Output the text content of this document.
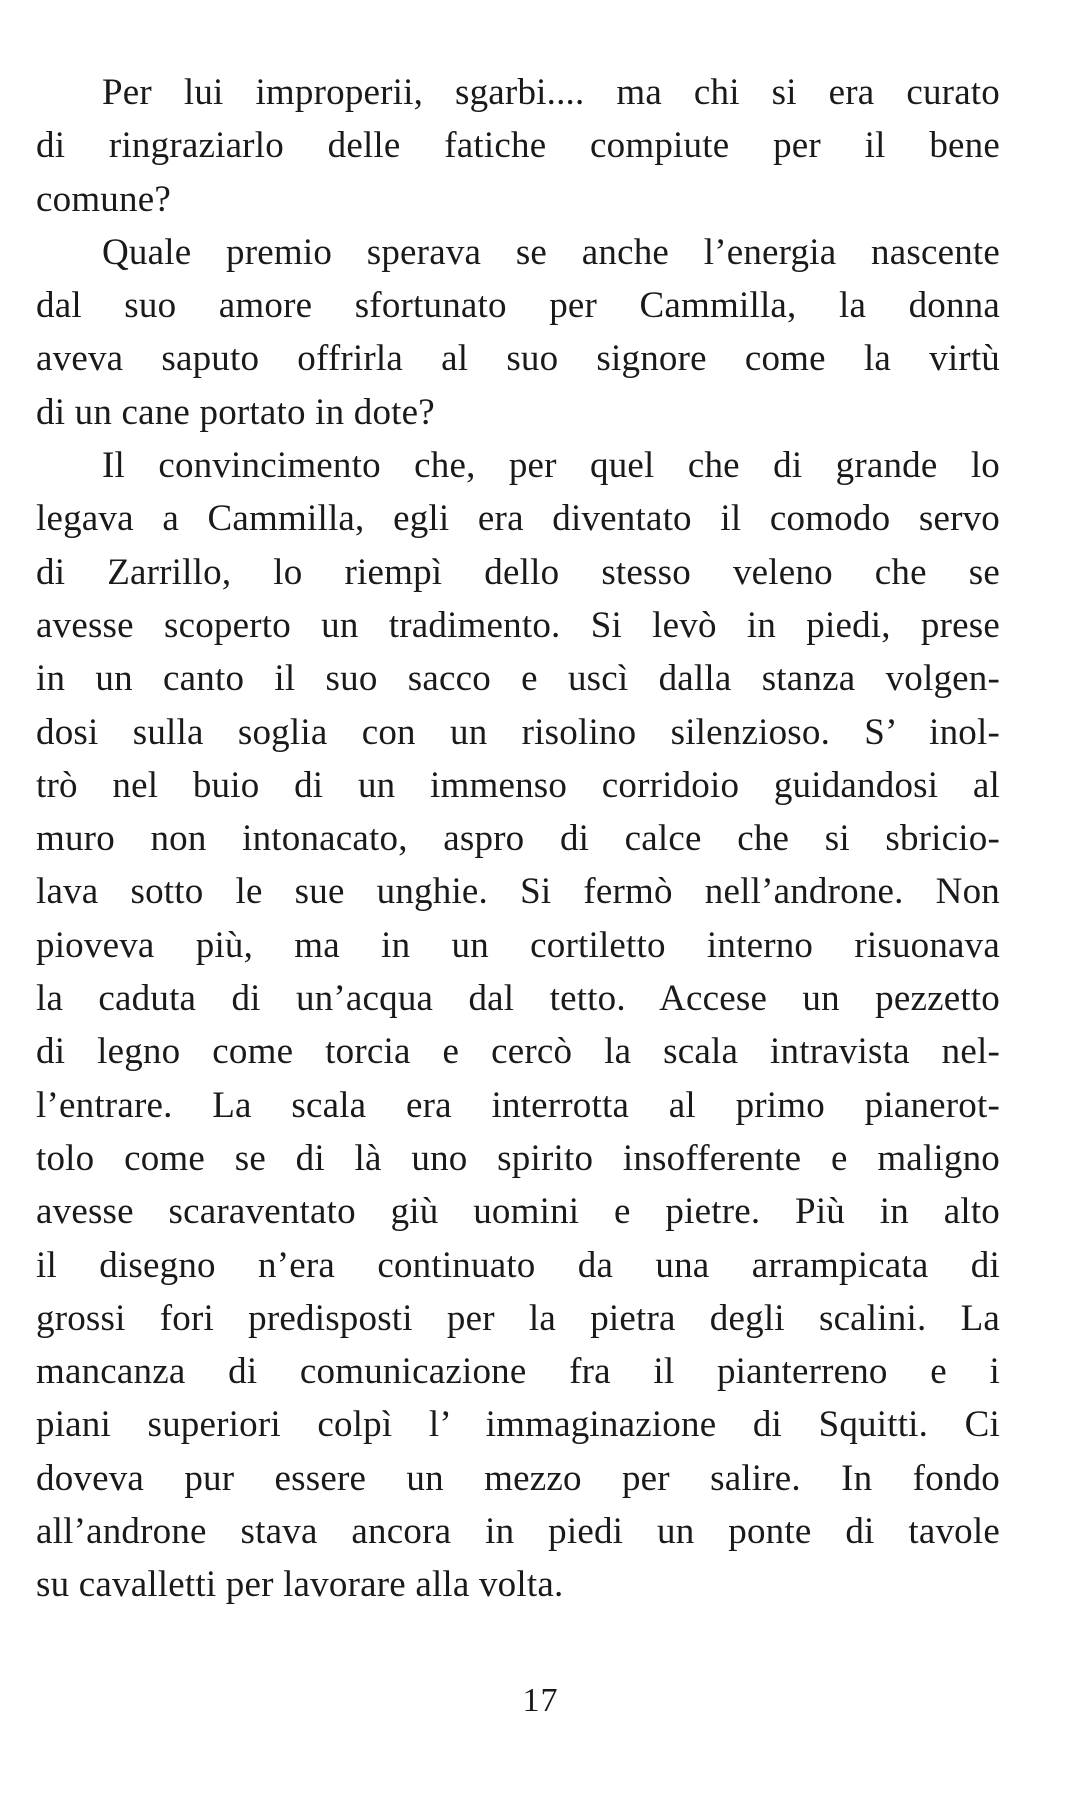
Per lui improperii, sgarbi.... ma chi si era curato
di ringraziarlo delle fatiche compiute per il bene
comune?
Quale premio sperava se anche l’energia nascente
dal suo amore sfortunato per Cammilla, la donna
aveva saputo offrirla al suo signore come la virtù
di un cane portato in dote?
Il convincimento che, per quel che di grande lo
legava a Cammilla, egli era diventato il comodo servo
di Zarrillo, lo riempì dello stesso veleno che se
avesse scoperto un tradimento. Si levò in piedi, prese
in un canto il suo sacco e uscì dalla stanza volgen-
dosi sulla soglia con un risolino silenzioso. S’ inol-
trò nel buio di un immenso corridoio guidandosi al
muro non intonacato, aspro di calce che si sbricio-
lava sotto le sue unghie. Si fermò nell’androne. Non
pioveva più, ma in un cortiletto interno risuonava
la caduta di un’acqua dal tetto. Accese un pezzetto
di legno come torcia e cercò la scala intravista nel-
l’entrare. La scala era interrotta al primo pianerot-
tolo come se di là uno spirito insofferente e maligno
avesse scaraventato giù uomini e pietre. Più in alto
il disegno n’era continuato da una arrampicata di
grossi fori predisposti per la pietra degli scalini. La
mancanza di comunicazione fra il pianterreno e i
piani superiori colpì l’ immaginazione di Squitti. Ci
doveva pur essere un mezzo per salire. In fondo
all’androne stava ancora in piedi un ponte di tavole
su cavalletti per lavorare alla volta.
17
